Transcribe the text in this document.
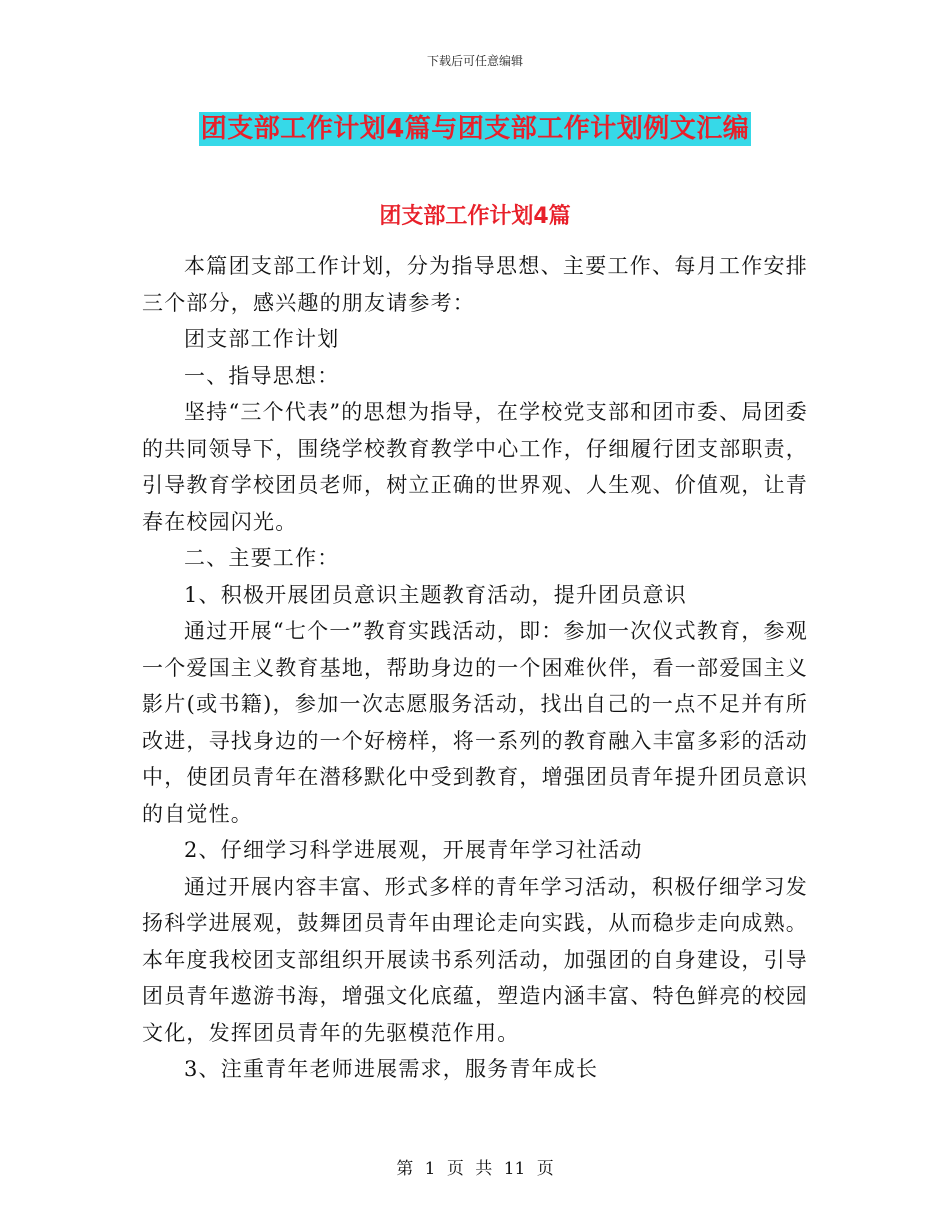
下载后可任意编辑
团支部工作计划4篇与团支部工作计划例文汇编
团支部工作计划4篇

本篇团支部工作计划，分为指导思想、主要工作、每月工作安排三个部分，感兴趣的朋友请参考：

团支部工作计划

一、指导思想：

坚持“三个代表”的思想为指导，在学校党支部和团市委、局团委的共同领导下，围绕学校教育教学中心工作，仔细履行团支部职责，引导教育学校团员老师，树立正确的世界观、人生观、价值观，让青春在校园闪光。

二、主要工作：

1、积极开展团员意识主题教育活动，提升团员意识

通过开展“七个一”教育实践活动，即：参加一次仪式教育，参观一个爱国主义教育基地，帮助身边的一个困难伙伴，看一部爱国主义影片(或书籍)，参加一次志愿服务活动，找出自己的一点不足并有所改进，寻找身边的一个好榜样，将一系列的教育融入丰富多彩的活动中，使团员青年在潜移默化中受到教育，增强团员青年提升团员意识的自觉性。

2、仔细学习科学进展观，开展青年学习社活动

通过开展内容丰富、形式多样的青年学习活动，积极仔细学习发扬科学进展观，鼓舞团员青年由理论走向实践，从而稳步走向成熟。本年度我校团支部组织开展读书系列活动，加强团的自身建设，引导团员青年遨游书海，增强文化底蕴，塑造内涵丰富、特色鲜亮的校园文化，发挥团员青年的先驱模范作用。

3、注重青年老师进展需求，服务青年成长

第 1 页 共 11 页
